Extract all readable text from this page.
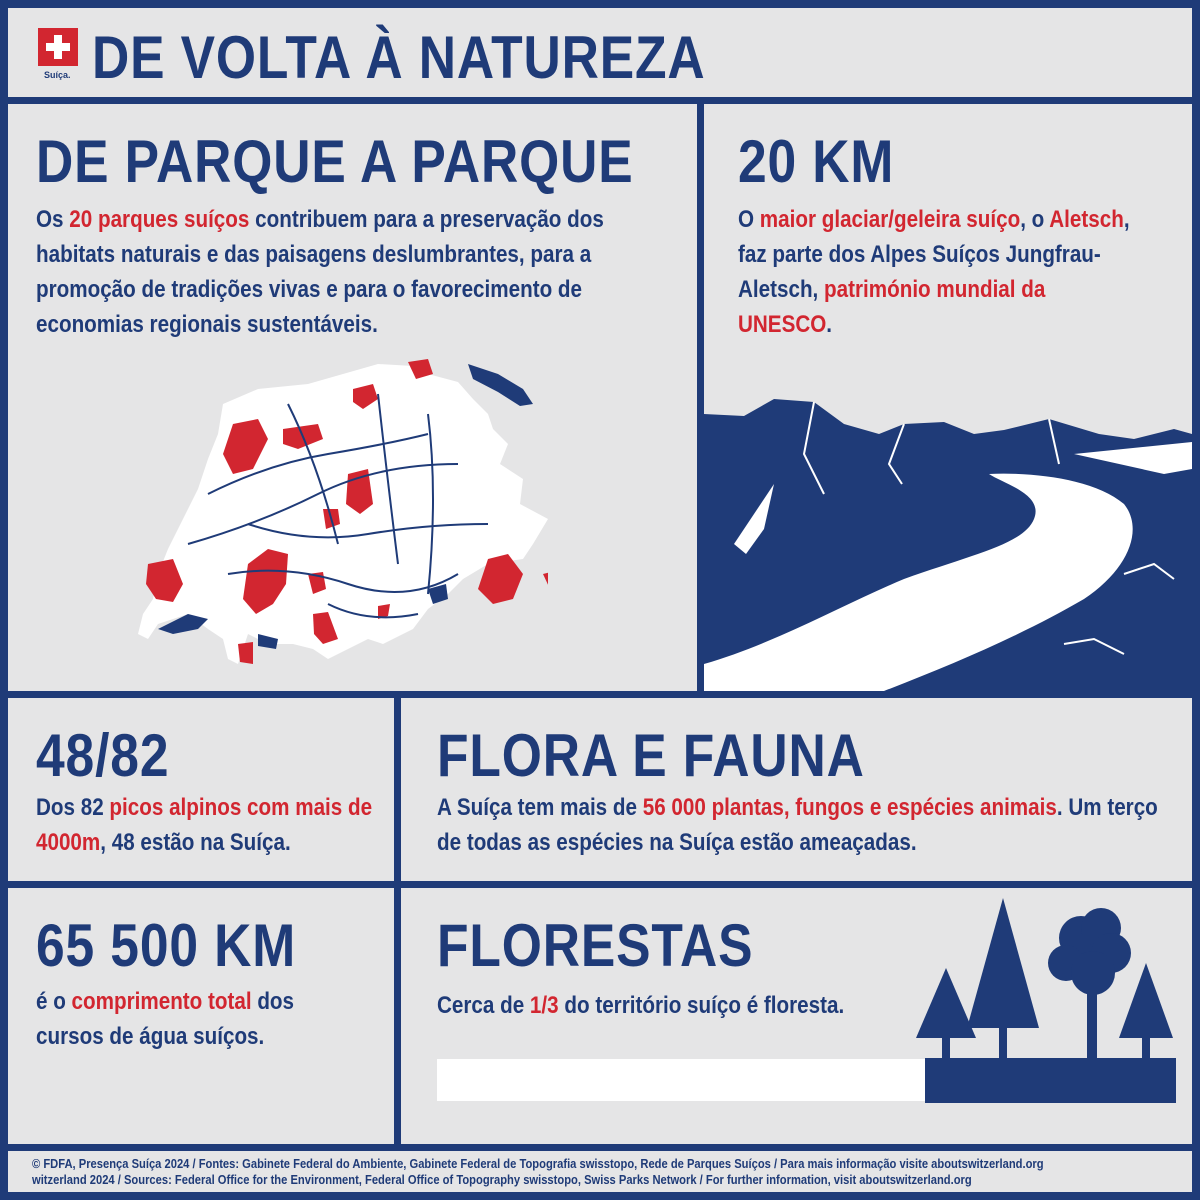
Suíça. DE VOLTA À NATUREZA
DE PARQUE A PARQUE
Os 20 parques suíços contribuem para a preservação dos habitats naturais e das paisagens deslumbrantes, para a promoção de tradições vivas e para o favorecimento de economias regionais sustentáveis.
20 KM
O maior glaciar/geleira suíço, o Aletsch, faz parte dos Alpes Suíços Jungfrau-Aletsch, património mundial da UNESCO.
48/82
Dos 82 picos alpinos com mais de 4000m, 48 estão na Suíça.
FLORA E FAUNA
A Suíça tem mais de 56 000 plantas, fungos e espécies animais. Um terço de todas as espécies na Suíça estão ameaçadas.
65 500 KM
é o comprimento total dos cursos de água suíços.
FLORESTAS
Cerca de 1/3 do território suíço é floresta.
© FDFA, Presença Suíça 2024 / Fontes: Gabinete Federal do Ambiente, Gabinete Federal de Topografia swisstopo, Rede de Parques Suíços / Para mais informação visite aboutswitzerland.org
witzerland 2024 / Sources: Federal Office for the Environment, Federal Office of Topography swisstopo, Swiss Parks Network / For further information, visit aboutswitzerland.org
